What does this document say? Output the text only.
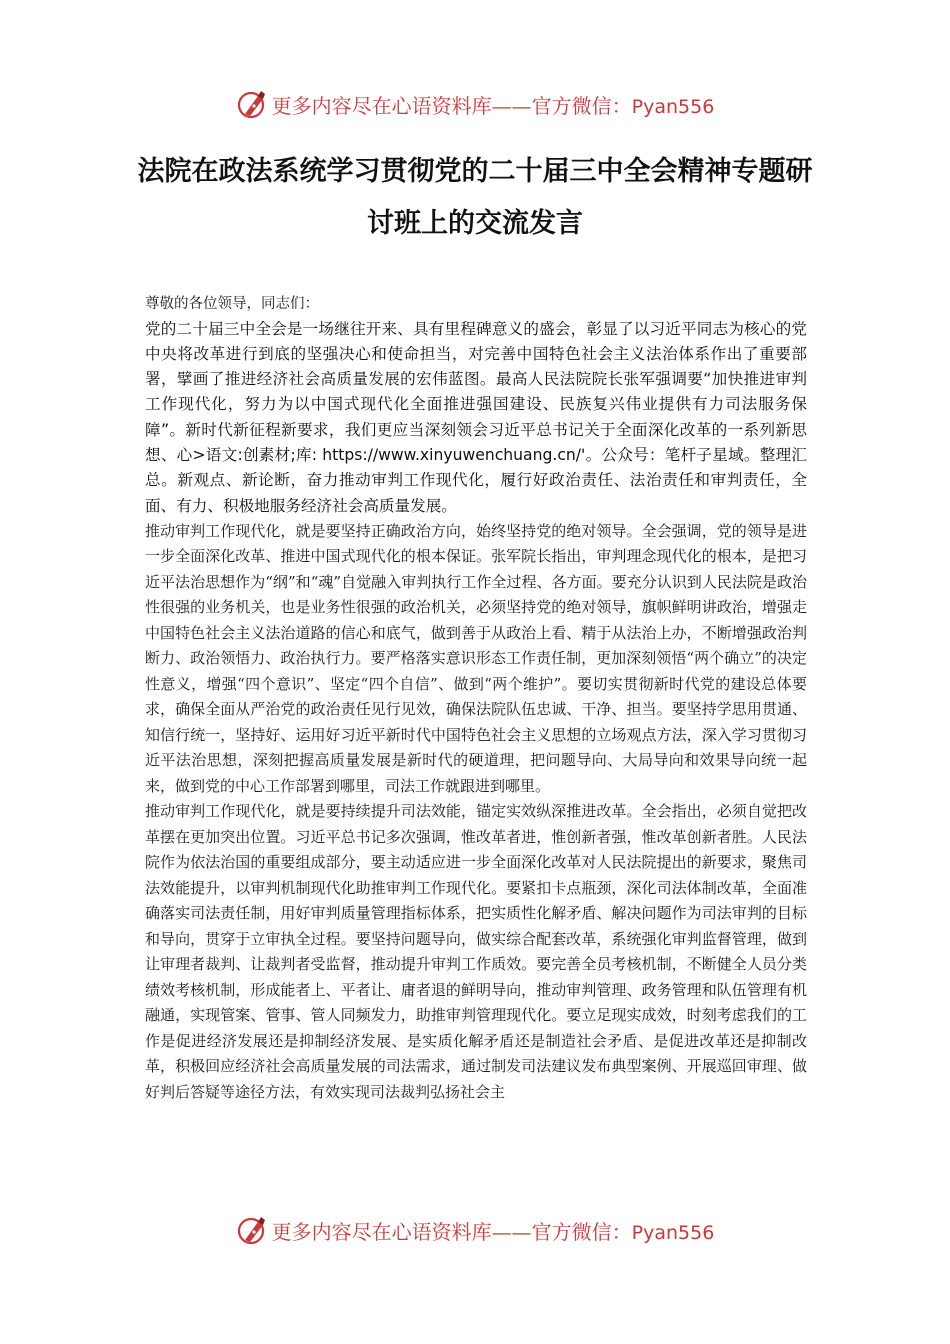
更多内容尽在心语资料库——官方微信：Pyan556
法院在政法系统学习贯彻党的二十届三中全会精神专题研讨班上的交流发言
尊敬的各位领导，同志们：
党的二十届三中全会是一场继往开来、具有里程碑意义的盛会，彰显了以习近平同志为核心的党中央将改革进行到底的坚强决心和使命担当，对完善中国特色社会主义法治体系作出了重要部署，擘画了推进经济社会高质量发展的宏伟蓝图。最高人民法院院长张军强调要“加快推进审判工作现代化，努力为以中国式现代化全面推进强国建设、民族复兴伟业提供有力司法服务保障”。新时代新征程新要求，我们更应当深刻领会习近平总书记关于全面深化改革的一系列新思想、心>语文:创素材;库: https://www.xinyuwenchuang.cn/'。公众号：笔杆子星域。整理汇总。新观点、新论断，奋力推动审判工作现代化，履行好政治责任、法治责任和审判责任，全面、有力、积极地服务经济社会高质量发展。
推动审判工作现代化，就是要坚持正确政治方向，始终坚持党的绝对领导。全会强调，党的领导是进一步全面深化改革、推进中国式现代化的根本保证。张军院长指出，审判理念现代化的根本，是把习近平法治思想作为“纲”和“魂”自觉融入审判执行工作全过程、各方面。要充分认识到人民法院是政治性很强的业务机关，也是业务性很强的政治机关，必须坚持党的绝对领导，旗帜鲜明讲政治，增强走中国特色社会主义法治道路的信心和底气，做到善于从政治上看、精于从法治上办，不断增强政治判断力、政治领悟力、政治执行力。要严格落实意识形态工作责任制，更加深刻领悟“两个确立”的决定性意义，增强“四个意识”、坚定“四个自信”、做到“两个维护”。要切实贯彻新时代党的建设总体要求，确保全面从严治党的政治责任见行见效，确保法院队伍忠诚、干净、担当。要坚持学思用贯通、知信行统一，坚持好、运用好习近平新时代中国特色社会主义思想的立场观点方法，深入学习贯彻习近平法治思想，深刻把握高质量发展是新时代的硬道理，把问题导向、大局导向和效果导向统一起来，做到党的中心工作部署到哪里，司法工作就跟进到哪里。
推动审判工作现代化，就是要持续提升司法效能，锚定实效纵深推进改革。全会指出，必须自觉把改革摆在更加突出位置。习近平总书记多次强调，惟改革者进，惟创新者强，惟改革创新者胜。人民法院作为依法治国的重要组成部分，要主动适应进一步全面深化改革对人民法院提出的新要求，聚焦司法效能提升，以审判机制现代化助推审判工作现代化。要紧扣卡点瓶颈，深化司法体制改革，全面准确落实司法责任制，用好审判质量管理指标体系，把实质性化解矛盾、解决问题作为司法审判的目标和导向，贯穿于立审执全过程。要坚持问题导向，做实综合配套改革，系统强化审判监督管理，做到让审理者裁判、让裁判者受监督，推动提升审判工作质效。要完善全员考核机制，不断健全人员分类绩效考核机制，形成能者上、平者让、庸者退的鲜明导向，推动审判管理、政务管理和队伍管理有机融通，实现管案、管事、管人同频发力，助推审判管理现代化。要立足现实成效，时刻考虑我们的工作是促进经济发展还是抑制经济发展、是实质化解矛盾还是制造社会矛盾、是促进改革还是抑制改革，积极回应经济社会高质量发展的司法需求，通过制发司法建议发布典型案例、开展巡回审理、做好判后答疑等途径方法，有效实现司法裁判弘扬社会主
更多内容尽在心语资料库——官方微信：Pyan556
